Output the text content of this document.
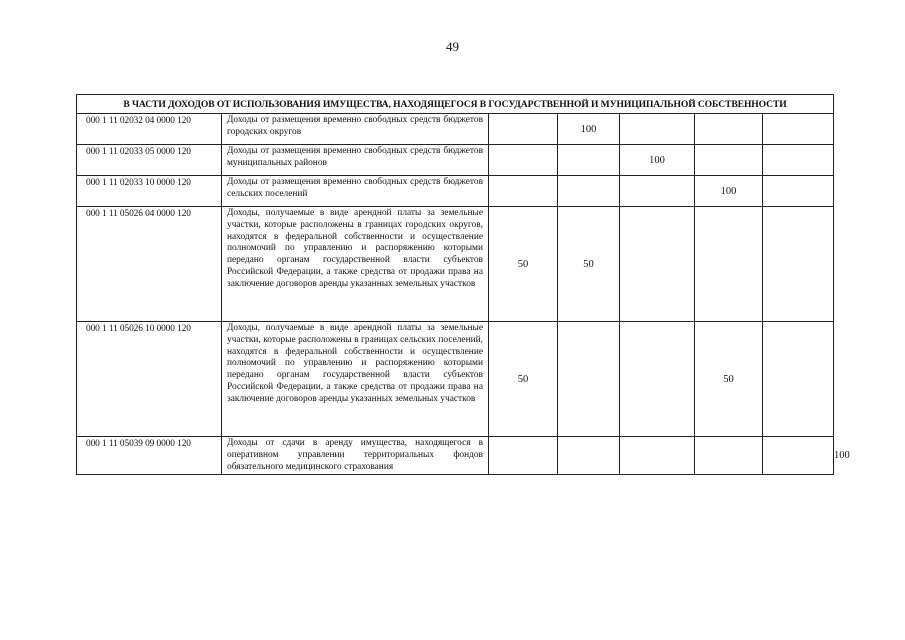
49
В ЧАСТИ ДОХОДОВ ОТ ИСПОЛЬЗОВАНИЯ ИМУЩЕСТВА, НАХОДЯЩЕГОСЯ В ГОСУДАРСТВЕННОЙ И МУНИЦИПАЛЬНОЙ СОБСТВЕННОСТИ							
000 1 11 02032 04 0000 120	Доходы от размещения временно свободных средств бюджетов городских округов		100				
000 1 11 02033 05 0000 120	Доходы от размещения временно свободных средств бюджетов муниципальных районов			100			
000 1 11 02033 10 0000 120	Доходы от размещения временно свободных средств бюджетов сельских поселений				100		
000 1 11 05026 04 0000 120	Доходы, получаемые в виде арендной платы за земельные участки, которые расположены в границах городских округов, находятся в федеральной собственности и осуществление полномочий по управлению и распоряжению которыми передано органам государственной власти субъектов Российской Федерации, а также средства от продажи права на заключение договоров аренды указанных земельных участков	50	50				
000 1 11 05026 10 0000 120	Доходы, получаемые в виде арендной платы за земельные участки, которые расположены в границах сельских поселений, находятся в федеральной собственности и осуществление полномочий по управлению и распоряжению которыми передано органам государственной власти субъектов Российской Федерации, а также средства от продажи права на заключение договоров аренды указанных земельных участков	50			50		
000 1 11 05039 09 0000 120	Доходы от сдачи в аренду имущества, находящегося в оперативном управлении территориальных фондов обязательного медицинского страхования						100
